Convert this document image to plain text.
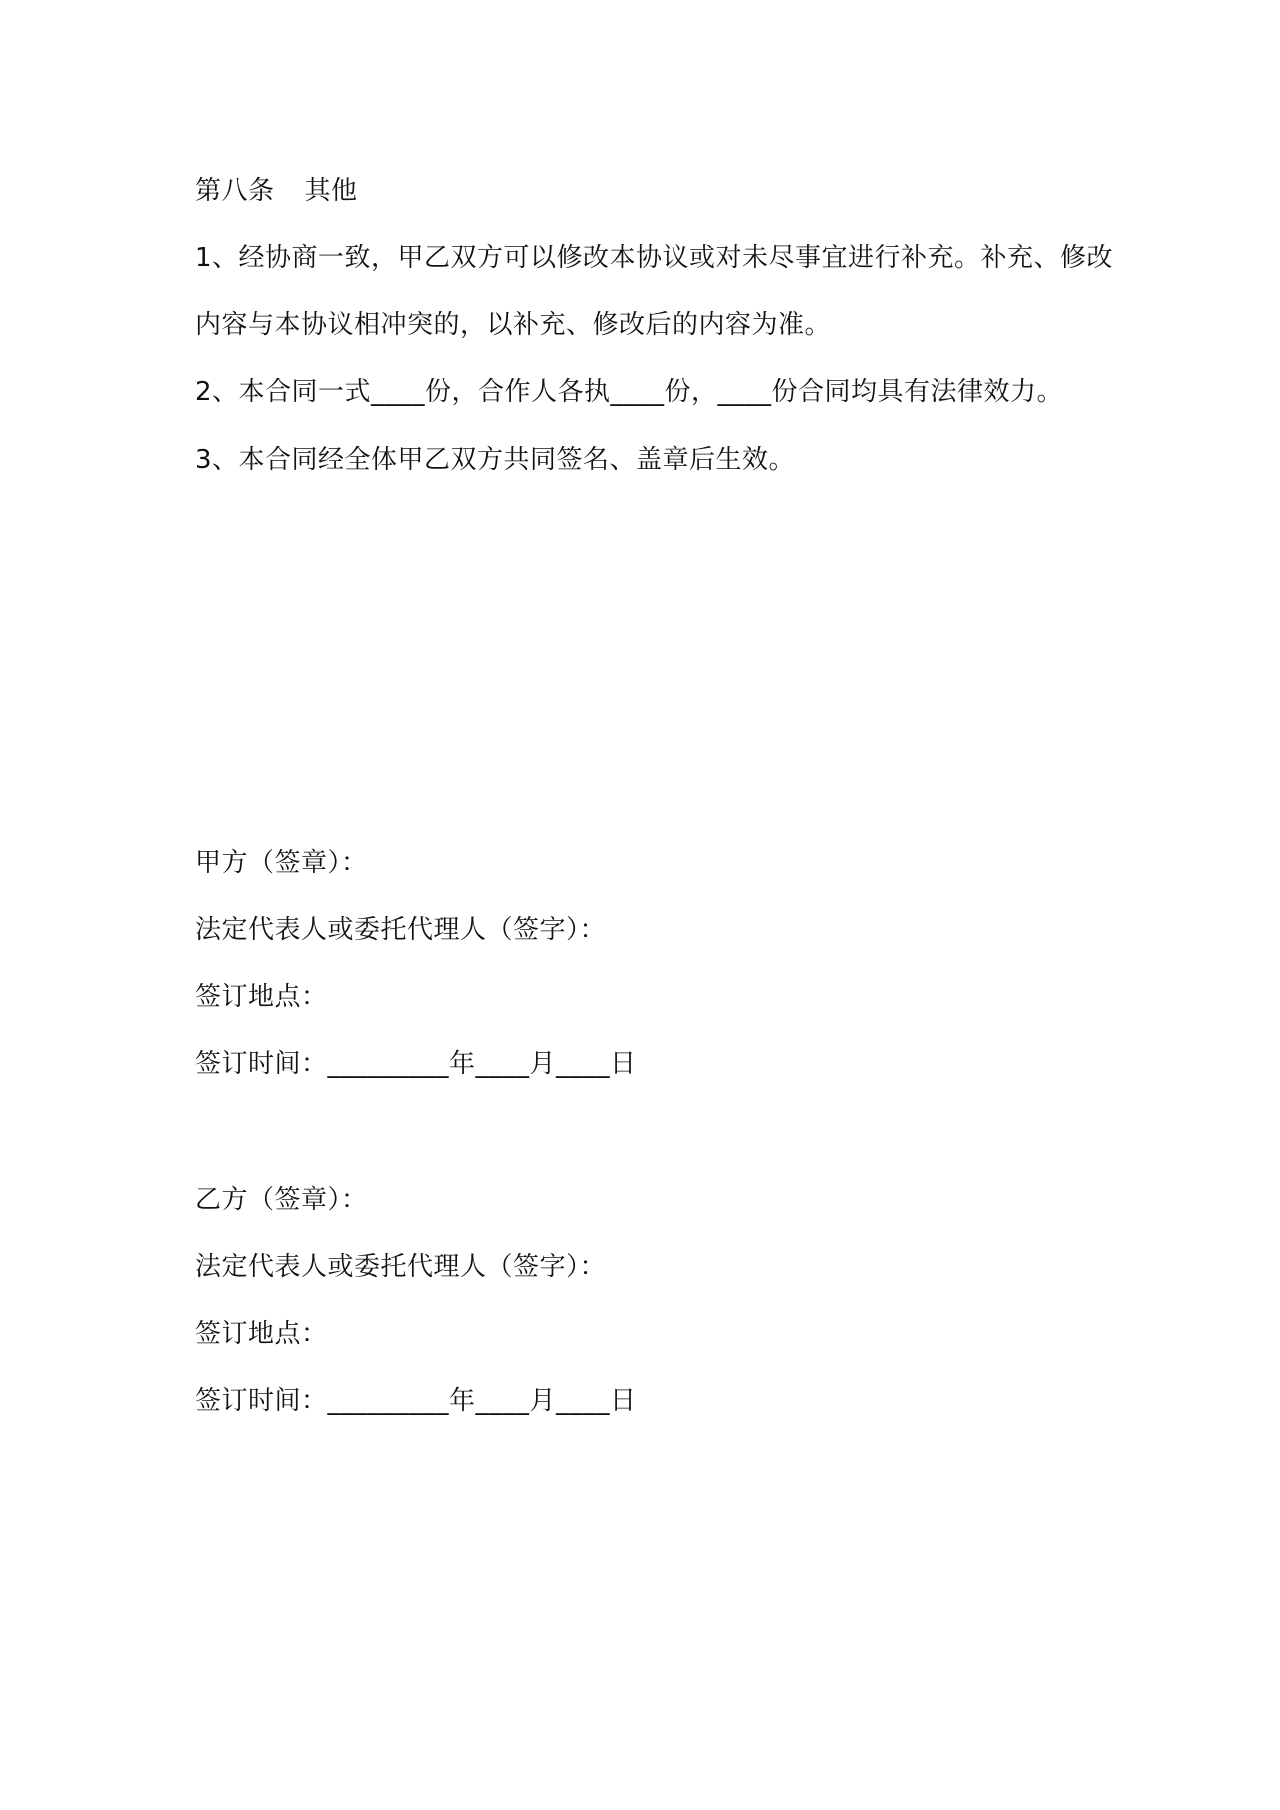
第八条 其他
1、经协商一致，甲乙双方可以修改本协议或对未尽事宜进行补充。补充、修改
内容与本协议相冲突的，以补充、修改后的内容为准。
2、本合同一式____份，合作人各执____份，____份合同均具有法律效力。
3、本合同经全体甲乙双方共同签名、盖章后生效。
甲方（签章）：
法定代表人或委托代理人（签字）：
签订地点：
签订时间：_________年____月____日
乙方（签章）：
法定代表人或委托代理人（签字）：
签订地点：
签订时间：_________年____月____日
